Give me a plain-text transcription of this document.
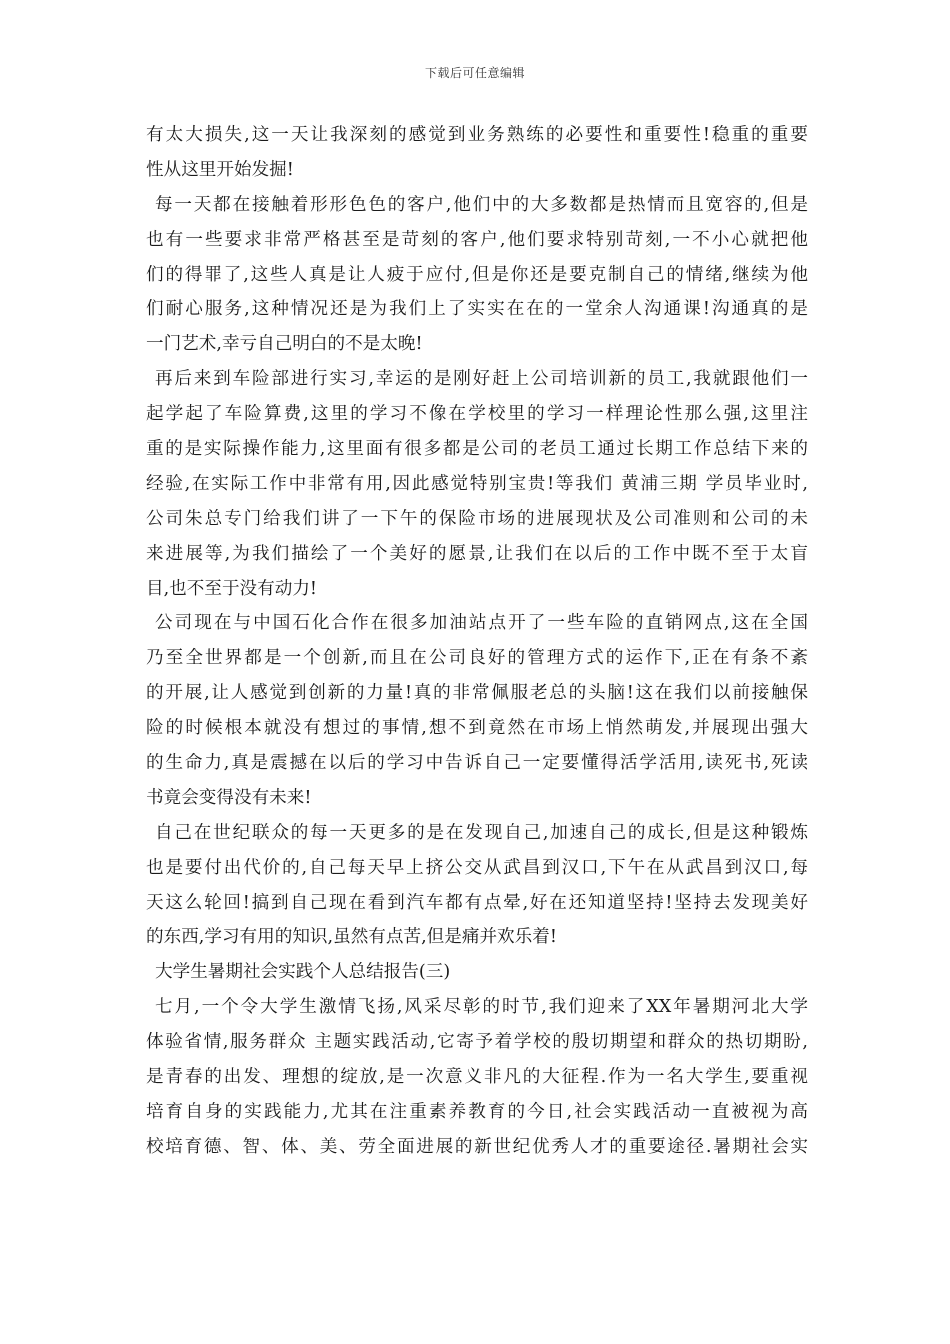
下载后可任意编辑
有太大损失,这一天让我深刻的感觉到业务熟练的必要性和重要性!稳重的重要
性从这里开始发掘!
每一天都在接触着形形色色的客户,他们中的大多数都是热情而且宽容的,但是
也有一些要求非常严格甚至是苛刻的客户,他们要求特别苛刻,一不小心就把他
们的得罪了,这些人真是让人疲于应付,但是你还是要克制自己的情绪,继续为他
们耐心服务,这种情况还是为我们上了实实在在的一堂余人沟通课!沟通真的是
一门艺术,幸亏自己明白的不是太晚!
再后来到车险部进行实习,幸运的是刚好赶上公司培训新的员工,我就跟他们一
起学起了车险算费,这里的学习不像在学校里的学习一样理论性那么强,这里注
重的是实际操作能力,这里面有很多都是公司的老员工通过长期工作总结下来的
经验,在实际工作中非常有用,因此感觉特别宝贵!等我们 黄浦三期 学员毕业时,
公司朱总专门给我们讲了一下午的保险市场的进展现状及公司准则和公司的未
来进展等,为我们描绘了一个美好的愿景,让我们在以后的工作中既不至于太盲
目,也不至于没有动力!
公司现在与中国石化合作在很多加油站点开了一些车险的直销网点,这在全国
乃至全世界都是一个创新,而且在公司良好的管理方式的运作下,正在有条不紊
的开展,让人感觉到创新的力量!真的非常佩服老总的头脑!这在我们以前接触保
险的时候根本就没有想过的事情,想不到竟然在市场上悄然萌发,并展现出强大
的生命力,真是震撼在以后的学习中告诉自己一定要懂得活学活用,读死书,死读
书竟会变得没有未来!
自己在世纪联众的每一天更多的是在发现自己,加速自己的成长,但是这种锻炼
也是要付出代价的,自己每天早上挤公交从武昌到汉口,下午在从武昌到汉口,每
天这么轮回!搞到自己现在看到汽车都有点晕,好在还知道坚持!坚持去发现美好
的东西,学习有用的知识,虽然有点苦,但是痛并欢乐着!
大学生暑期社会实践个人总结报告(三)
七月,一个令大学生激情飞扬,风采尽彰的时节,我们迎来了XX年暑期河北大学
体验省情,服务群众 主题实践活动,它寄予着学校的殷切期望和群众的热切期盼,
是青春的出发、理想的绽放,是一次意义非凡的大征程.作为一名大学生,要重视
培育自身的实践能力,尤其在注重素养教育的今日,社会实践活动一直被视为高
校培育德、智、体、美、劳全面进展的新世纪优秀人才的重要途径.暑期社会实
